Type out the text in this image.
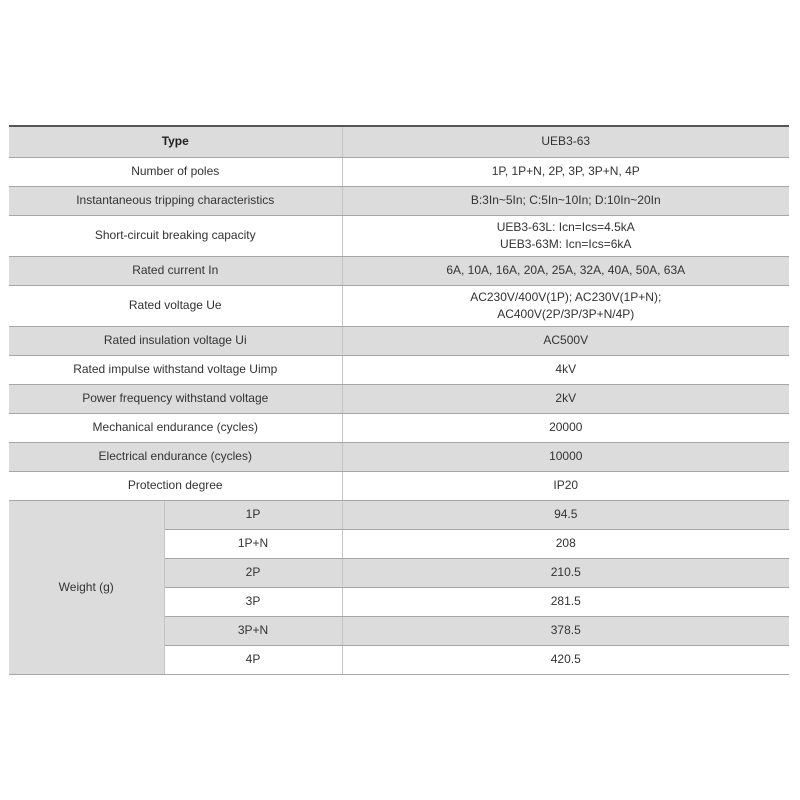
Type		UEB3-63
Number of poles		1P, 1P+N, 2P, 3P, 3P+N, 4P
Instantaneous tripping characteristics		B:3In~5In; C:5In~10In; D:10In~20In
Short-circuit breaking capacity		UEB3-63L: Icn=Ics=4.5kA
UEB3-63M: Icn=Ics=6kA

Rated current In		6A, 10A, 16A, 20A, 25A, 32A, 40A, 50A, 63A
Rated voltage Ue		AC230V/400V(1P); AC230V(1P+N);
AC400V(2P/3P/3P+N/4P)

Rated insulation voltage Ui		AC500V
Rated impulse withstand voltage Uimp		4kV
Power frequency withstand voltage		2kV
Mechanical endurance (cycles)		20000
Electrical endurance (cycles)		10000
Protection degree		IP20
Weight (g)	1P	94.5
	1P+N	208
	2P	210.5
	3P	281.5
	3P+N	378.5
	4P	420.5
